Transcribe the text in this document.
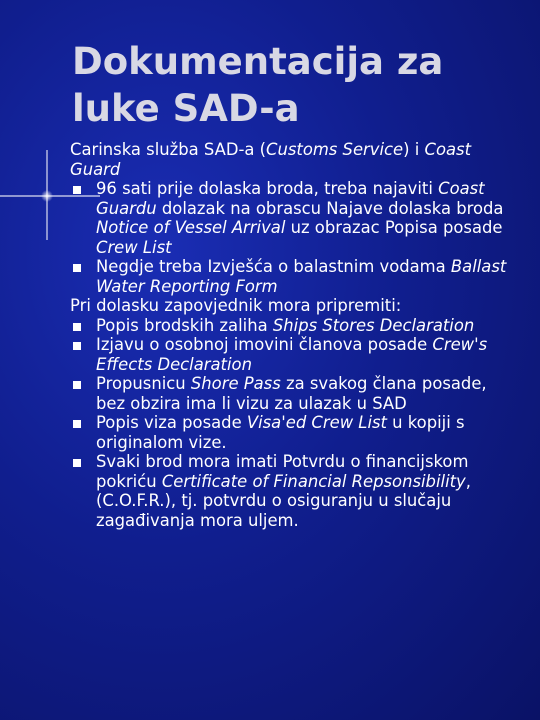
Dokumentacija za
luke SAD-a

Carinska služba SAD-a (Customs Service) i Coast Guard

96 sati prije dolaska broda, treba najaviti Coast Guardu dolazak na obrascu Najave dolaska broda Notice of Vessel Arrival uz obrazac Popisa posade Crew List
Negdje treba Izvješća o balastnim vodama Ballast Water Reporting Form

Pri dolasku zapovjednik mora pripremiti:

Popis brodskih zaliha Ships Stores Declaration
Izjavu o osobnoj imovini članova posade Crew's Effects Declaration
Propusnicu Shore Pass za svakog člana posade, bez obzira ima li vizu za ulazak u SAD
Popis viza posade Visa'ed Crew List u kopiji s originalom vize.
Svaki brod mora imati Potvrdu o financijskom pokriću Certificate of Financial Repsonsibility, (C.O.F.R.), tj. potvrdu o osiguranju u slučaju zagađivanja mora uljem.
